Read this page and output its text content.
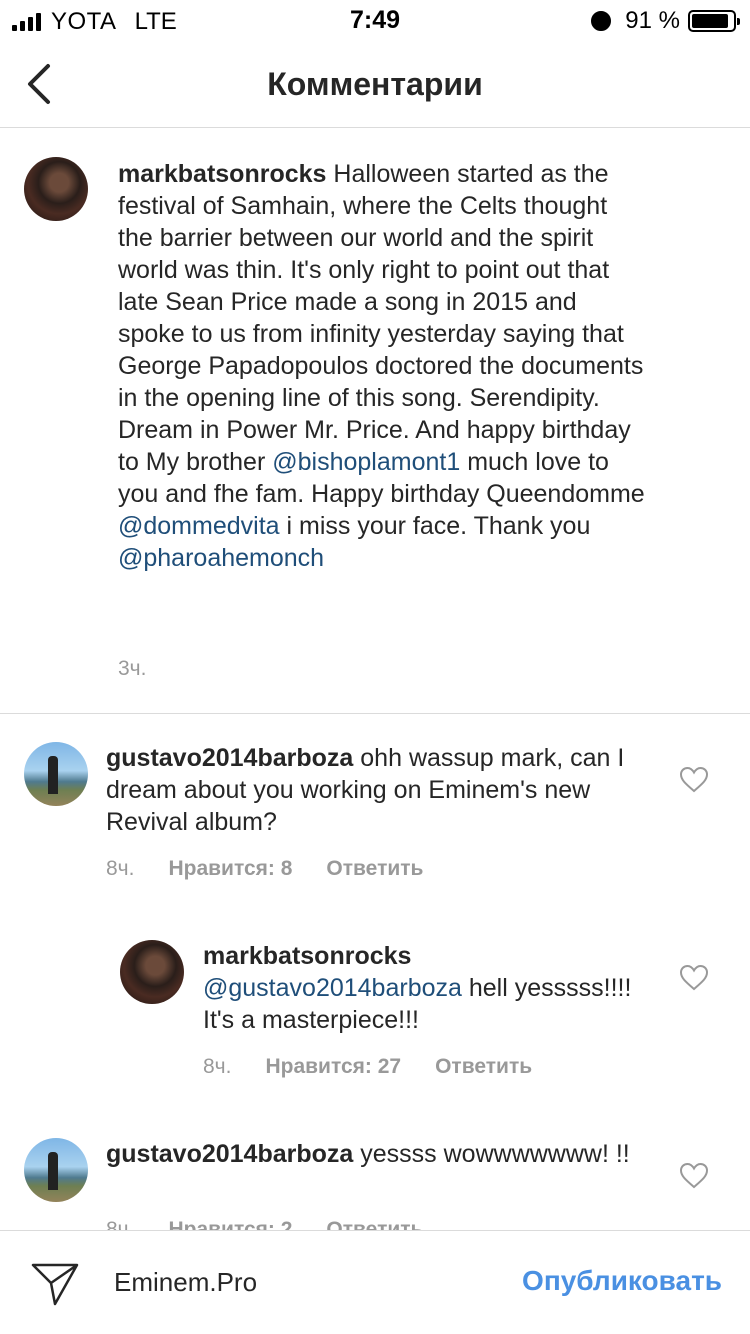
YOTA LTE	7:49	91 %
Комментарии
markbatsonrocks Halloween started as the festival of Samhain, where the Celts thought the barrier between our world and the spirit world was thin. It's only right to point out that late Sean Price made a song in 2015 and spoke to us from infinity yesterday saying that George Papadopoulos doctored the documents in the opening line of this song. Serendipity. Dream in Power Mr. Price. And happy birthday to My brother @bishoplamont1 much love to you and fhe fam. Happy birthday Queendomme @dommedvita i miss your face. Thank you @pharoahemonch
3ч.
gustavo2014barboza ohh wassup mark, can I dream about you working on Eminem's new Revival album?
8ч. Нравится: 8 Ответить
markbatsonrocks
@gustavo2014barboza hell yesssss!!!! It's a masterpiece!!!
8ч. Нравится: 27 Ответить
gustavo2014barboza yessss wowwwwwww! !!
Eminem.Pro	Опубликовать
